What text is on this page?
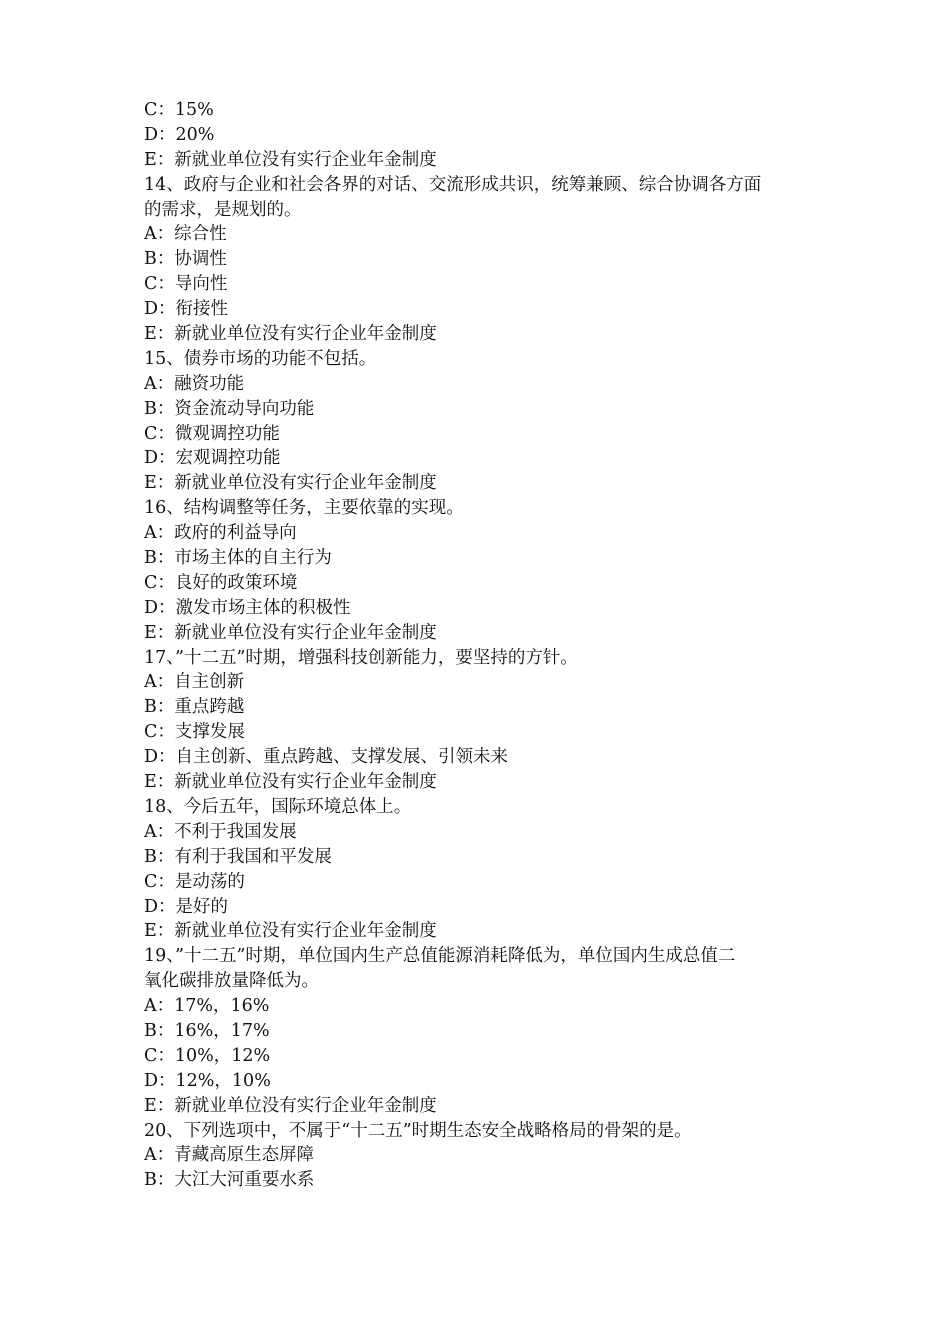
C：15%
D：20%
E：新就业单位没有实行企业年金制度
14、政府与企业和社会各界的对话、交流形成共识，统筹兼顾、综合协调各方面
的需求，是规划的。
A：综合性
B：协调性
C：导向性
D：衔接性
E：新就业单位没有实行企业年金制度
15、债券市场的功能不包括。
A：融资功能
B：资金流动导向功能
C：微观调控功能
D：宏观调控功能
E：新就业单位没有实行企业年金制度
16、结构调整等任务，主要依靠的实现。
A：政府的利益导向
B：市场主体的自主行为
C：良好的政策环境
D：激发市场主体的积极性
E：新就业单位没有实行企业年金制度
17、”十二五”时期，增强科技创新能力，要坚持的方针。
A：自主创新
B：重点跨越
C：支撑发展
D：自主创新、重点跨越、支撑发展、引领未来
E：新就业单位没有实行企业年金制度
18、今后五年，国际环境总体上。
A：不利于我国发展
B：有利于我国和平发展
C：是动荡的
D：是好的
E：新就业单位没有实行企业年金制度
19、”十二五”时期，单位国内生产总值能源消耗降低为，单位国内生成总值二
氧化碳排放量降低为。
A：17%，16%
B：16%，17%
C：10%，12%
D：12%，10%
E：新就业单位没有实行企业年金制度
20、下列选项中，不属于“十二五”时期生态安全战略格局的骨架的是。
A：青藏高原生态屏障
B：大江大河重要水系
